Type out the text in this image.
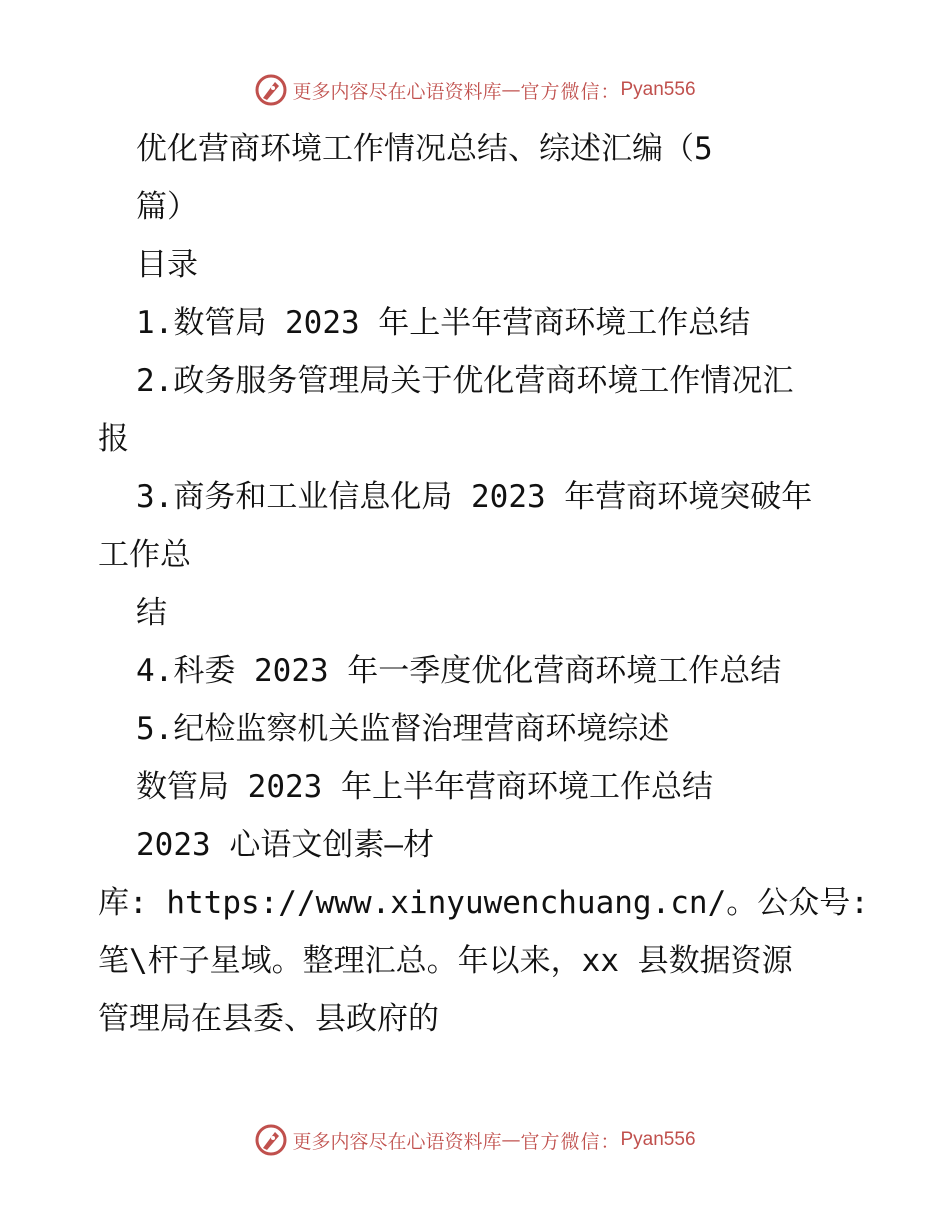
更多内容尽在心语资料库 — 官方微信： Pyan556
优化营商环境工作情况总结、综述汇编（5
篇）
目录
1.数管局 2023 年上半年营商环境工作总结
2.政务服务管理局关于优化营商环境工作情况汇
报
3.商务和工业信息化局 2023 年营商环境突破年
工作总
结
4.科委 2023 年一季度优化营商环境工作总结
5.纪检监察机关监督治理营商环境综述
数管局 2023 年上半年营商环境工作总结
2023 心语文创素—材
库: https://www.xinyuwenchuang.cn/。公众号:
笔\杆子星域。整理汇总。年以来，xx 县数据资源
管理局在县委、县政府的
更多内容尽在心语资料库 — 官方微信： Pyan556
